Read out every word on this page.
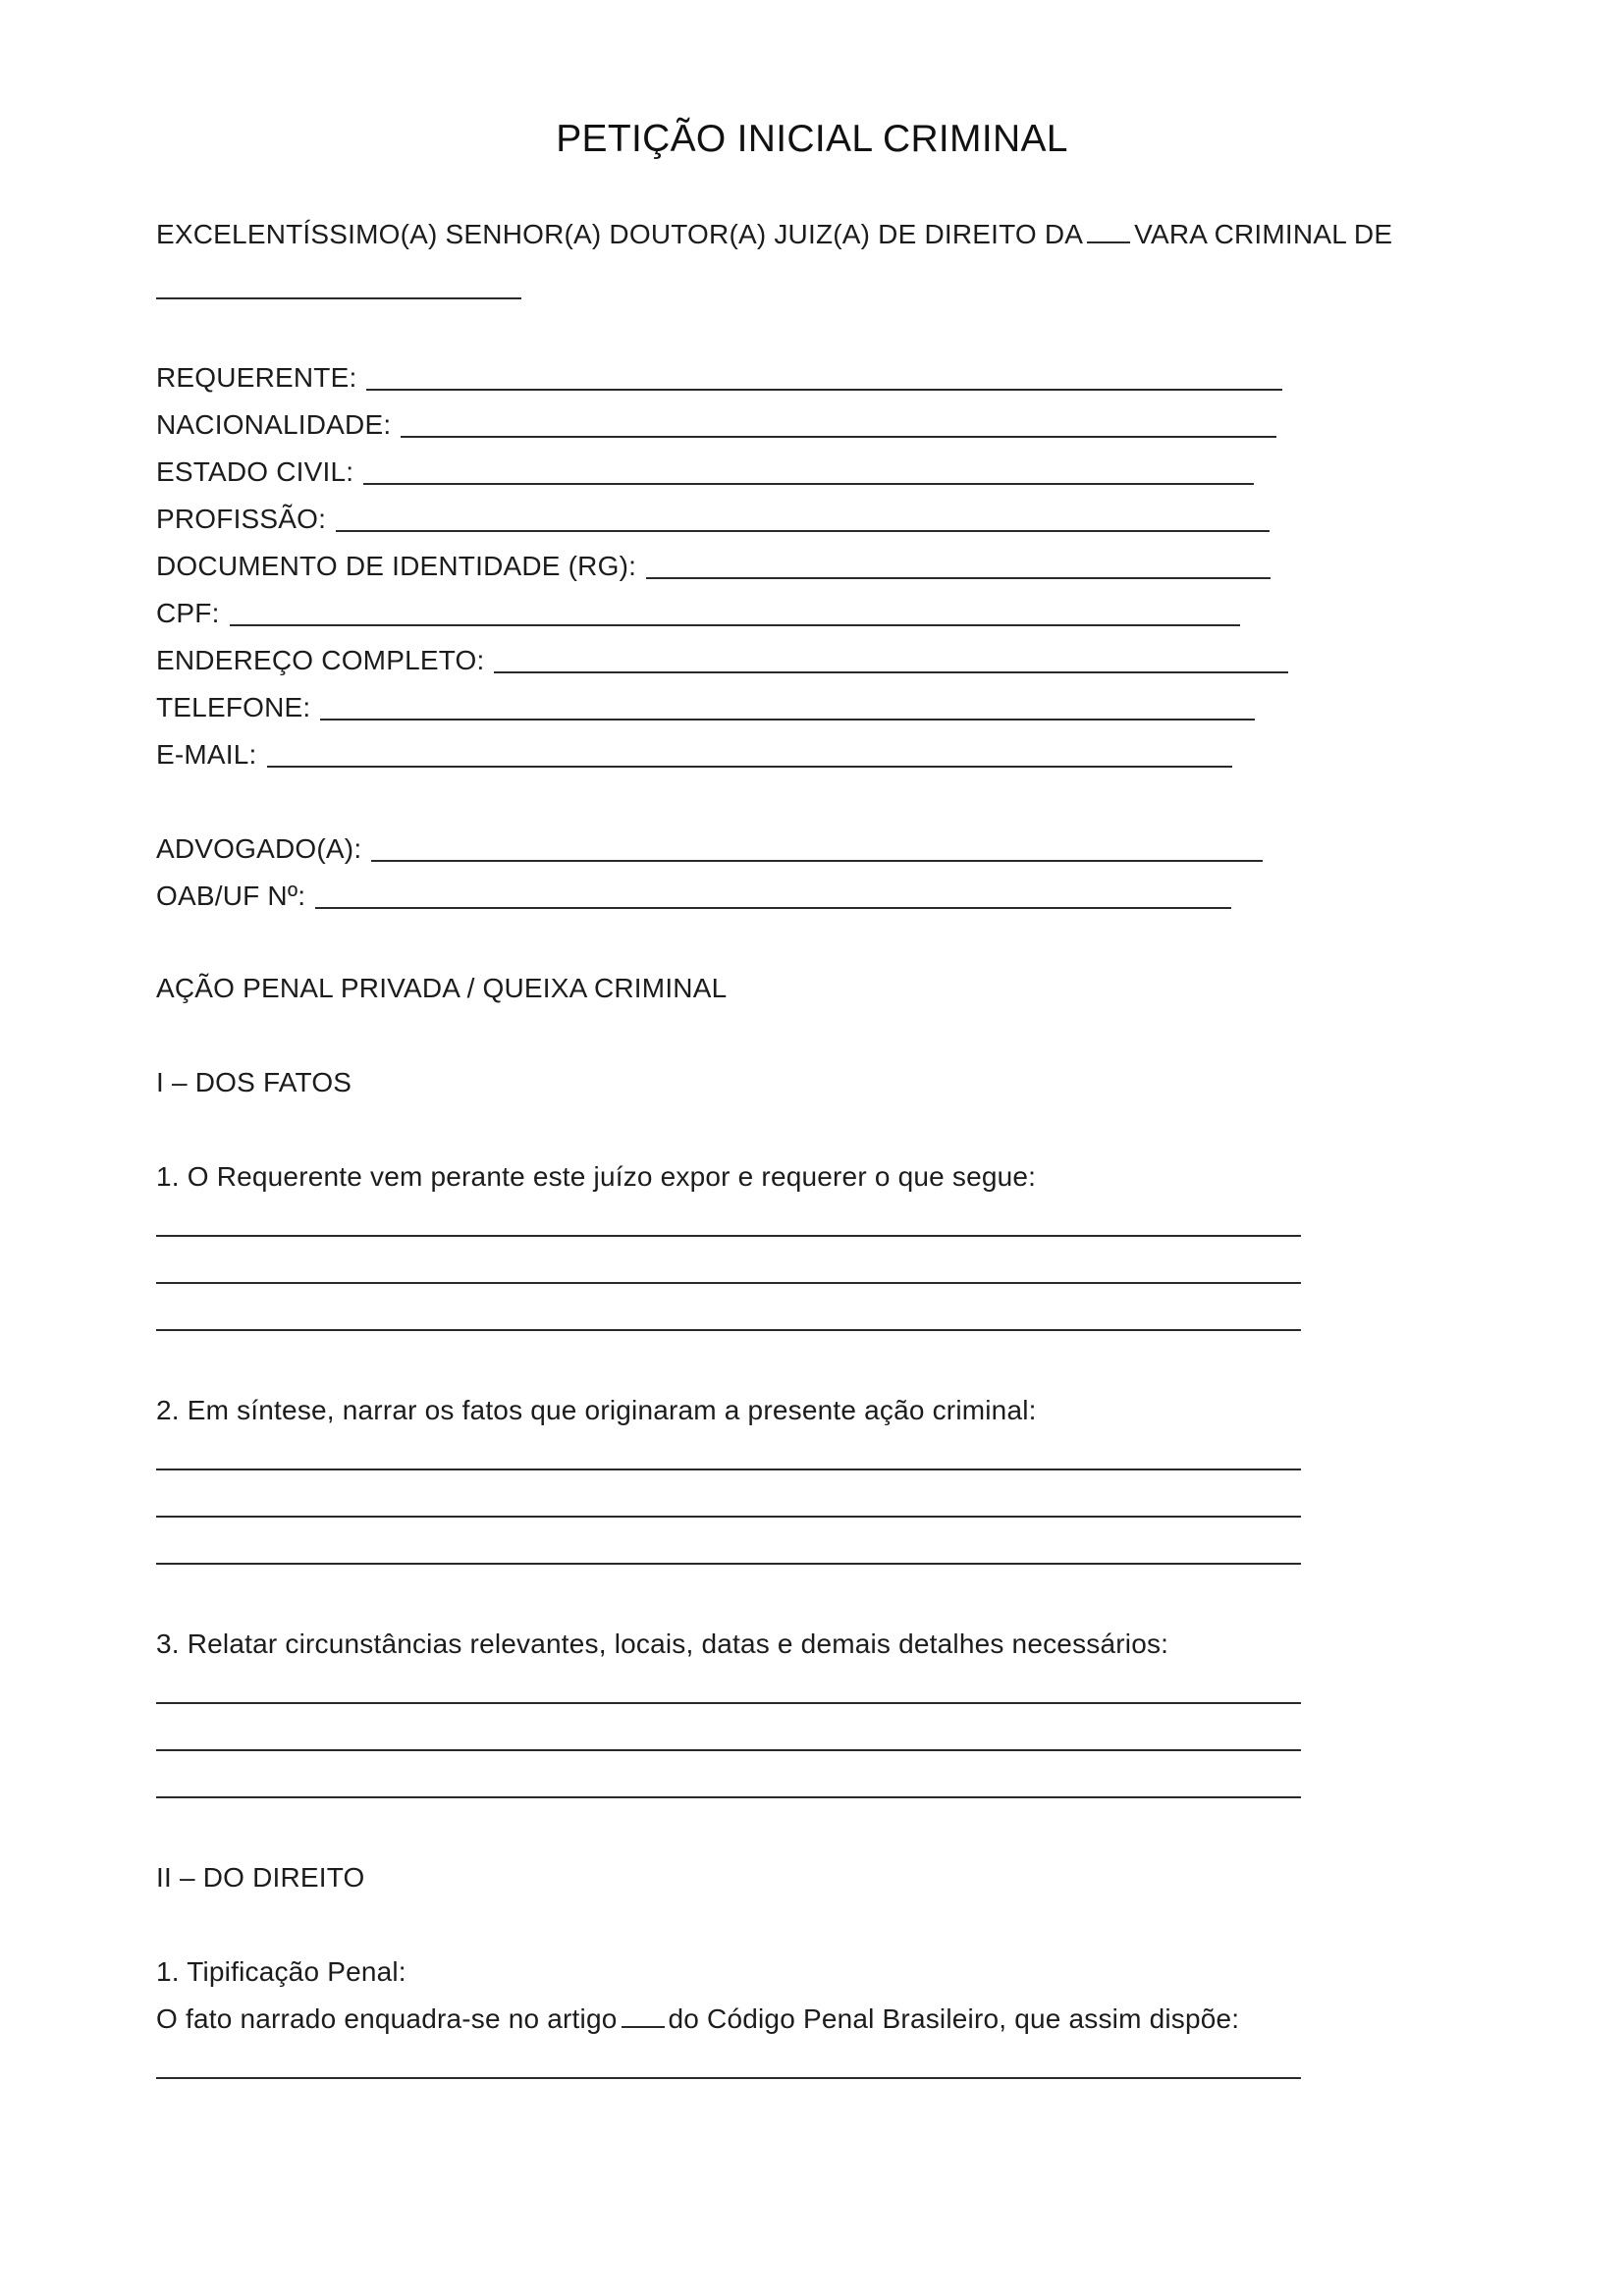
PETIÇÃO INICIAL CRIMINAL
EXCELENTÍSSIMO(A) SENHOR(A) DOUTOR(A) JUIZ(A) DE DIREITO DA VARA CRIMINAL DE
REQUERENTE:
NACIONALIDADE:
ESTADO CIVIL:
PROFISSÃO:
DOCUMENTO DE IDENTIDADE (RG):
CPF:
ENDEREÇO COMPLETO:
TELEFONE:
E-MAIL:
ADVOGADO(A):
OAB/UF Nº:
AÇÃO PENAL PRIVADA / QUEIXA CRIMINAL
I – DOS FATOS
1. O Requerente vem perante este juízo expor e requerer o que segue:
2. Em síntese, narrar os fatos que originaram a presente ação criminal:
3. Relatar circunstâncias relevantes, locais, datas e demais detalhes necessários:
II – DO DIREITO
1. Tipificação Penal:
O fato narrado enquadra-se no artigo do Código Penal Brasileiro, que assim dispõe:
